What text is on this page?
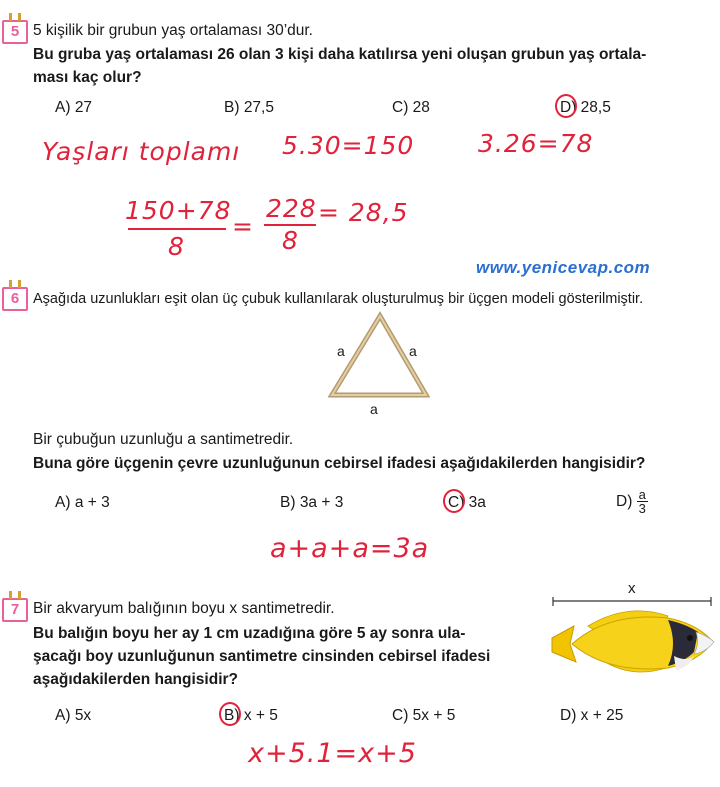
5 5 kişilik bir grubun yaş ortalaması 30’dur.
Bu gruba yaş ortalaması 26 olan 3 kişi daha katılırsa yeni oluşan grubun yaş ortala-
ması kaç olur?
A) 27	B) 27,5	C) 28	D) 28,5
Yaşları toplamı 5.30=150	3.26=78
150+78
8
=
228
8
= 28,5
www.yenicevap.com
6 Aşağıda uzunlukları eşit olan üç çubuk kullanılarak oluşturulmuş bir üçgen modeli gösterilmiştir.
a	a
a
Bir çubuğun uzunluğu a santimetredir.
Buna göre üçgenin çevre uzunluğunun cebirsel ifadesi aşağıdakilerden hangisidir?
A) a + 3	B) 3a + 3	C) 3a	$D) \frac{a}{3}$
a+a+a=3a
7 Bir akvaryum balığının boyu x santimetredir.
Bu balığın boyu her ay 1 cm uzadığına göre 5 ay sonra ula-
şacağı boy uzunluğunun santimetre cinsinden cebirsel ifadesi
aşağıdakilerden hangisidir?
x
A) 5x	B) x + 5	C) 5x + 5	D) x + 25
x+5.1=x+5
